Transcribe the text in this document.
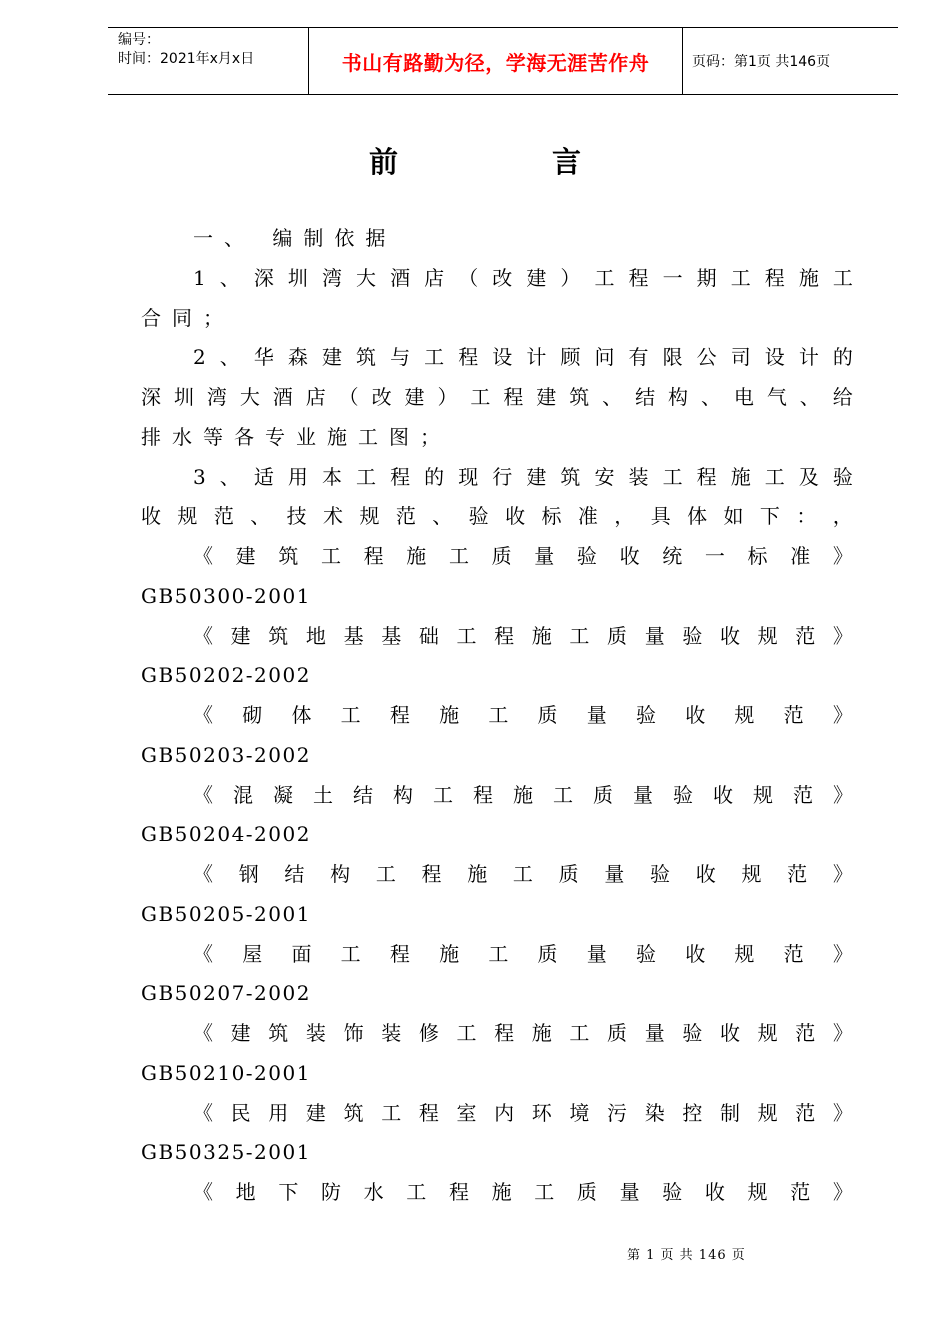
编号：
时间：2021年x月x日	书山有路勤为径，学海无涯苦作舟	页码：第1页 共146页
前 言
一、 编制依据
1 、 深 圳 湾 大 酒 店 （ 改 建 ） 工 程 一 期 工 程 施 工
合同；
2 、 华 森 建 筑 与 工 程 设 计 顾 问 有 限 公 司 设 计 的
深 圳 湾 大 酒 店 （ 改 建 ） 工 程 建 筑 、 结 构 、 电 气 、 给
排水等各专业施工图；
3 、 适 用 本 工 程 的 现 行 建 筑 安 装 工 程 施 工 及 验
收 规 范 、 技 术 规 范 、 验 收 标 准 ， 具 体 如 下 ： ，
《 建 筑 工 程 施 工 质 量 验 收 统 一 标 准 》
GB50300-2001
《 建 筑 地 基 基 础 工 程 施 工 质 量 验 收 规 范 》
GB50202-2002
《 砌 体 工 程 施 工 质 量 验 收 规 范 》
GB50203-2002
《 混 凝 土 结 构 工 程 施 工 质 量 验 收 规 范 》
GB50204-2002
《 钢 结 构 工 程 施 工 质 量 验 收 规 范 》
GB50205-2001
《 屋 面 工 程 施 工 质 量 验 收 规 范 》
GB50207-2002
《 建 筑 装 饰 装 修 工 程 施 工 质 量 验 收 规 范 》
GB50210-2001
《 民 用 建 筑 工 程 室 内 环 境 污 染 控 制 规 范 》
GB50325-2001
《 地 下 防 水 工 程 施 工 质 量 验 收 规 范 》
第 1 页 共 146 页
